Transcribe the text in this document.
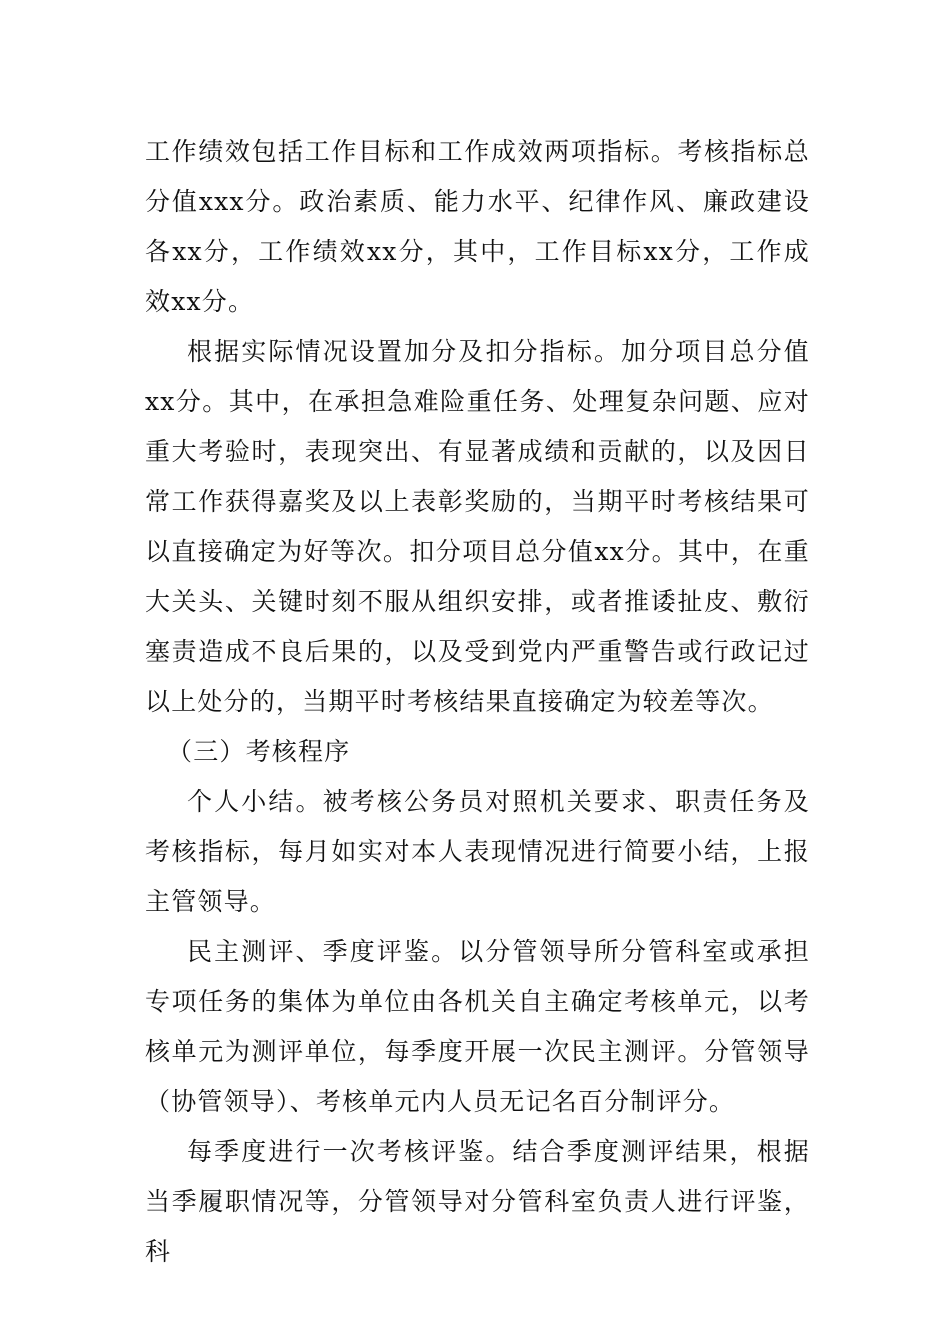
工作绩效包括工作目标和工作成效两项指标。考核指标总分值xxx分。政治素质、能力水平、纪律作风、廉政建设各xx分，工作绩效xx分，其中，工作目标xx分，工作成效xx分。

根据实际情况设置加分及扣分指标。加分项目总分值xx分。其中，在承担急难险重任务、处理复杂问题、应对重大考验时，表现突出、有显著成绩和贡献的，以及因日常工作获得嘉奖及以上表彰奖励的，当期平时考核结果可以直接确定为好等次。扣分项目总分值xx分。其中，在重大关头、关键时刻不服从组织安排，或者推诿扯皮、敷衍塞责造成不良后果的，以及受到党内严重警告或行政记过以上处分的，当期平时考核结果直接确定为较差等次。

（三）考核程序

个人小结。被考核公务员对照机关要求、职责任务及考核指标，每月如实对本人表现情况进行简要小结，上报主管领导。

民主测评、季度评鉴。以分管领导所分管科室或承担专项任务的集体为单位由各机关自主确定考核单元，以考核单元为测评单位，每季度开展一次民主测评。分管领导（协管领导）、考核单元内人员无记名百分制评分。

每季度进行一次考核评鉴。结合季度测评结果，根据当季履职情况等，分管领导对分管科室负责人进行评鉴，科
